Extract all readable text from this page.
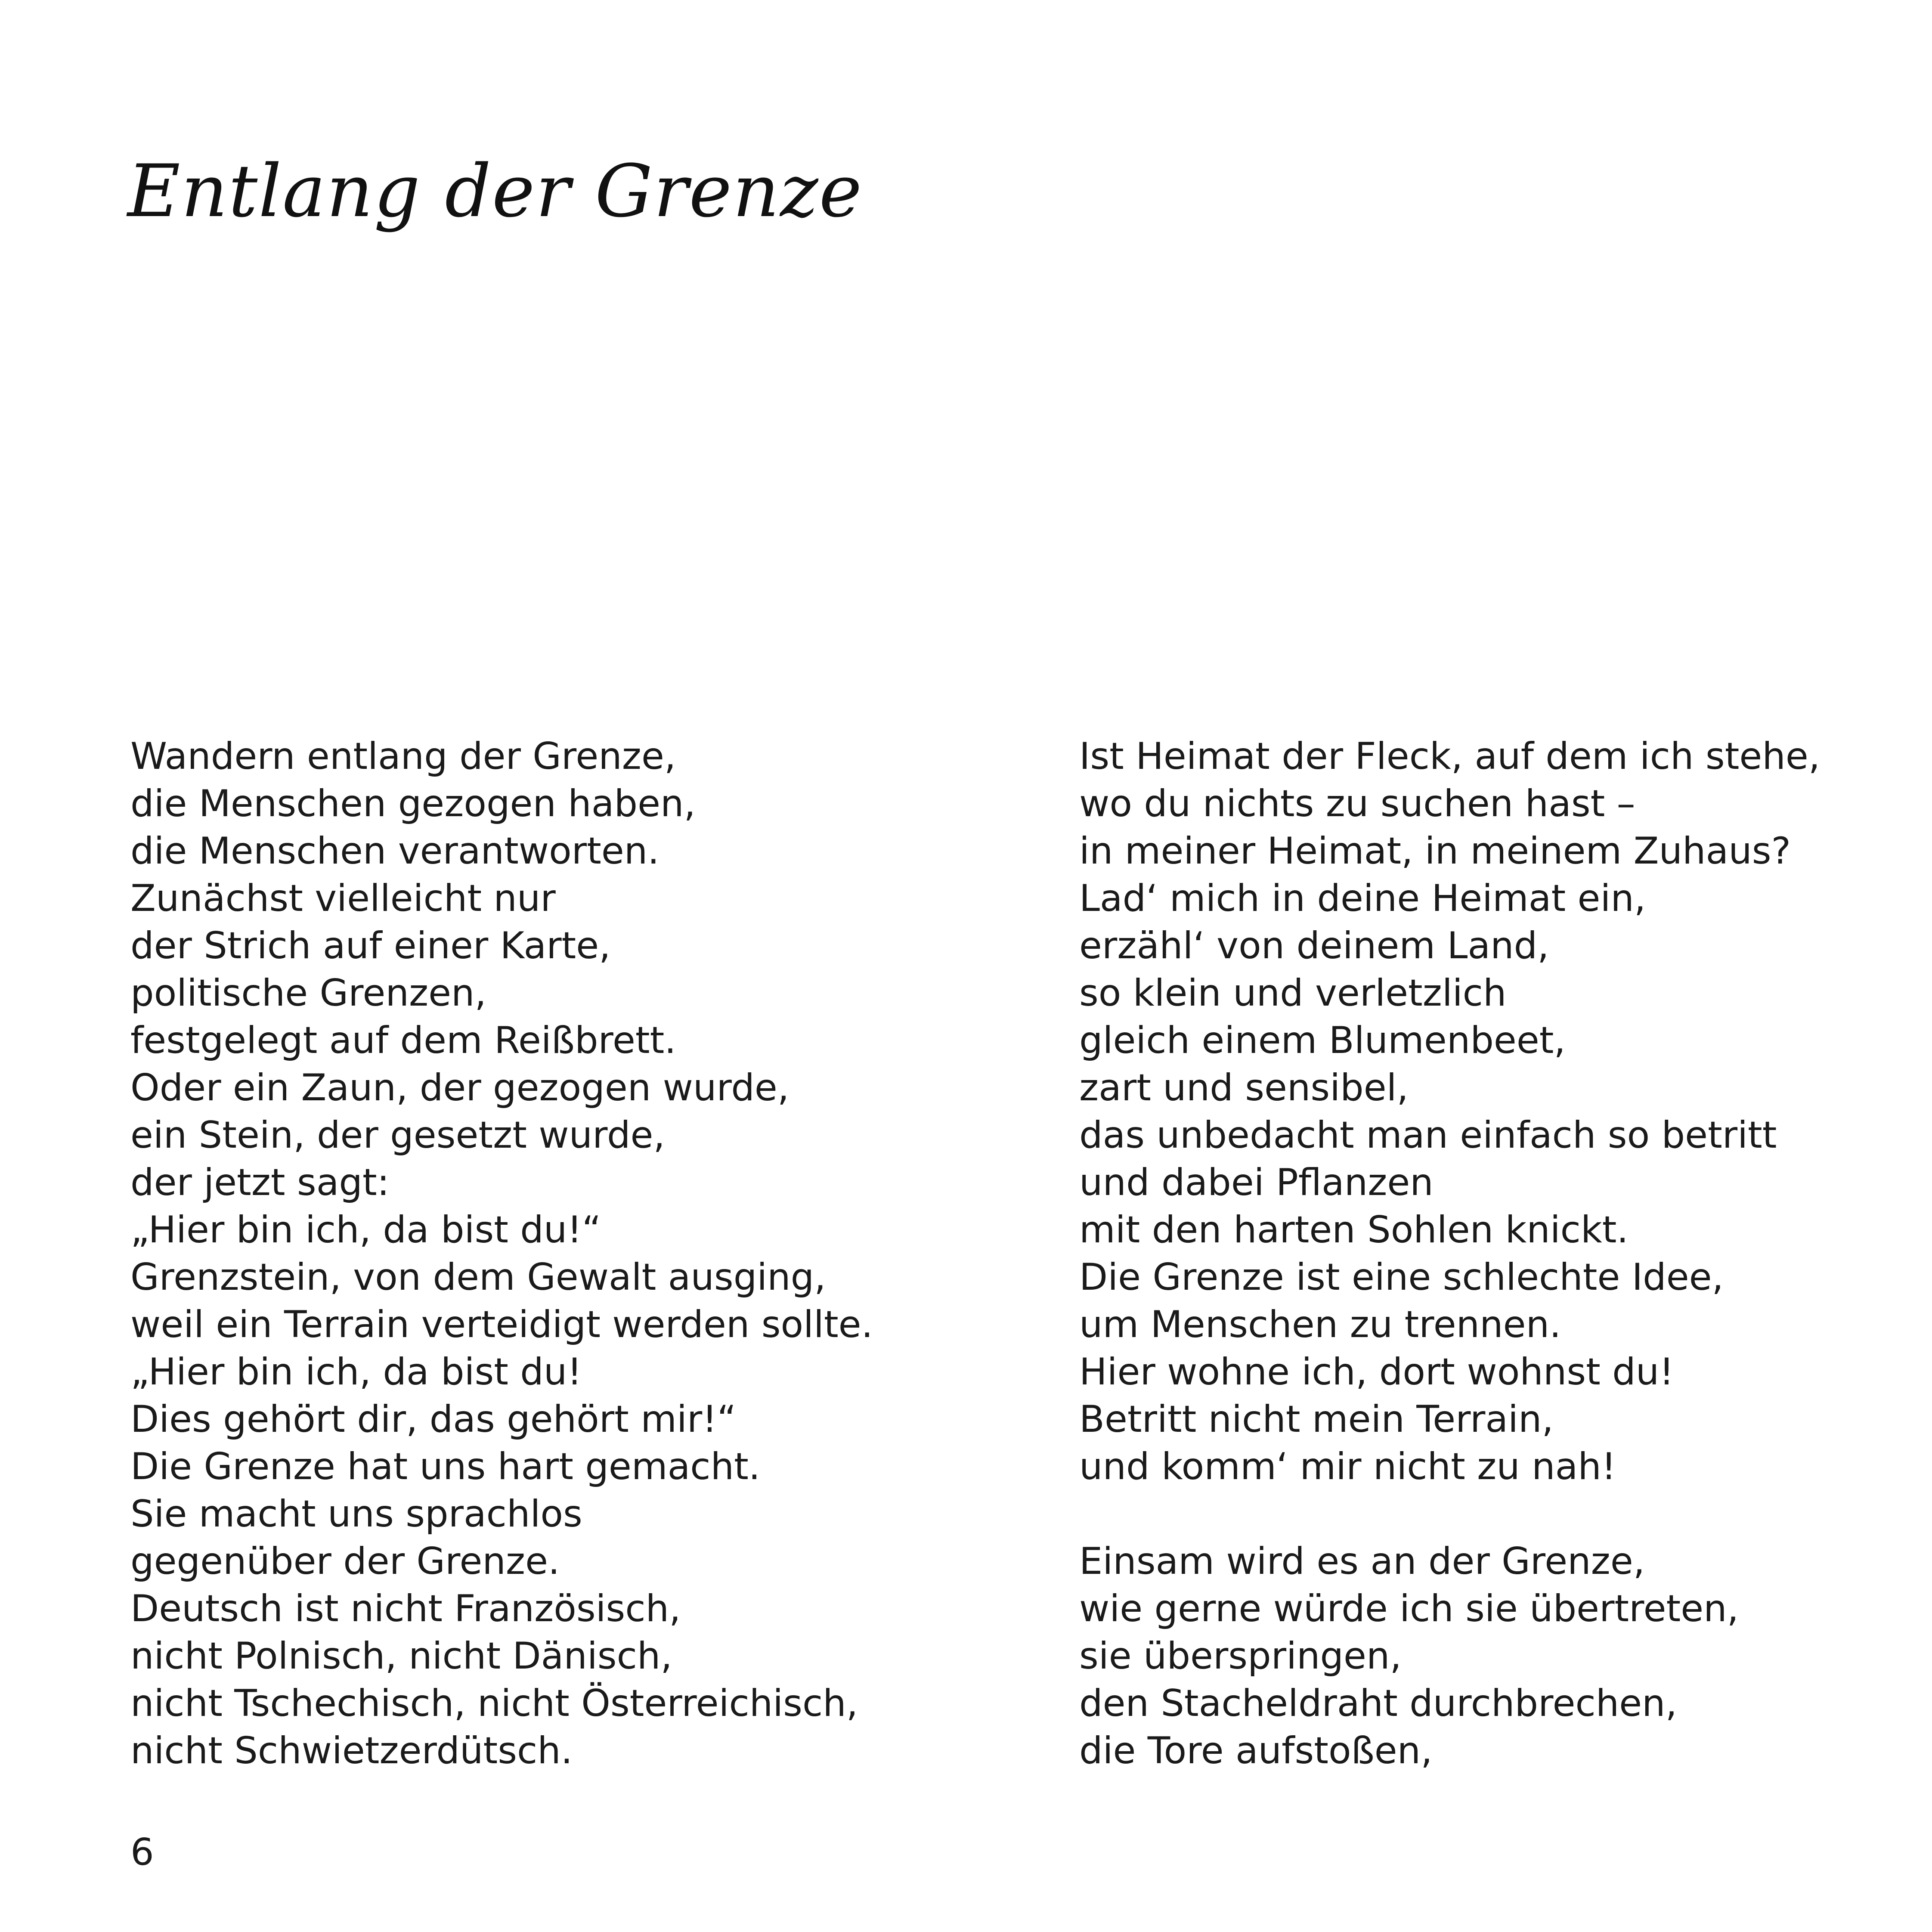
Entlang der Grenze
Wandern entlang der Grenze,
die Menschen gezogen haben,
die Menschen verantworten.
Zunächst vielleicht nur
der Strich auf einer Karte,
politische Grenzen,
festgelegt auf dem Reißbrett.
Oder ein Zaun, der gezogen wurde,
ein Stein, der gesetzt wurde,
der jetzt sagt:
„Hier bin ich, da bist du!“
Grenzstein, von dem Gewalt ausging,
weil ein Terrain verteidigt werden sollte.
„Hier bin ich, da bist du!
Dies gehört dir, das gehört mir!“
Die Grenze hat uns hart gemacht.
Sie macht uns sprachlos
gegenüber der Grenze.
Deutsch ist nicht Französisch,
nicht Polnisch, nicht Dänisch,
nicht Tschechisch, nicht Österreichisch,
nicht Schwietzerdütsch.
Ist Heimat der Fleck, auf dem ich stehe,
wo du nichts zu suchen hast –
in meiner Heimat, in meinem Zuhaus?
Lad‘ mich in deine Heimat ein,
erzähl‘ von deinem Land,
so klein und verletzlich
gleich einem Blumenbeet,
zart und sensibel,
das unbedacht man einfach so betritt
und dabei Pflanzen
mit den harten Sohlen knickt.
Die Grenze ist eine schlechte Idee,
um Menschen zu trennen.
Hier wohne ich, dort wohnst du!
Betritt nicht mein Terrain,
und komm‘ mir nicht zu nah!
Einsam wird es an der Grenze,
wie gerne würde ich sie übertreten,
sie überspringen,
den Stacheldraht durchbrechen,
die Tore aufstoßen,
6
